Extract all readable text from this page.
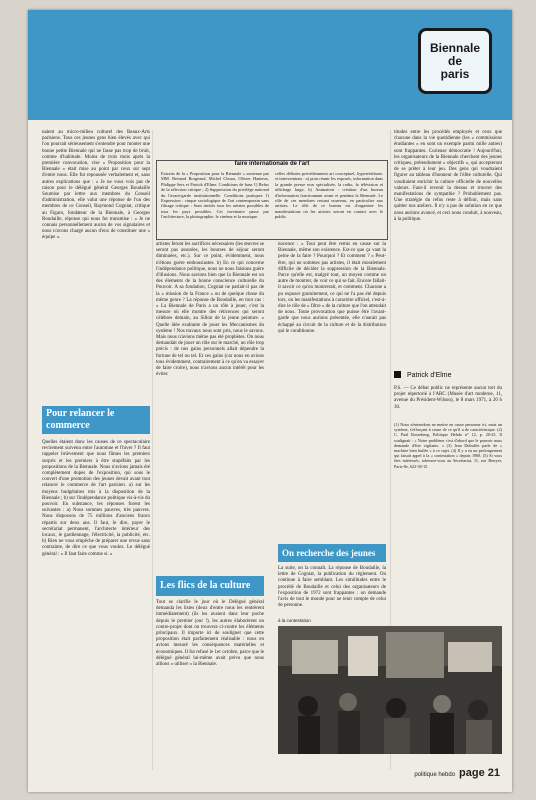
Biennale
de
paris
naient au micro-milieu culturel des Beaux-Arts parisiens. Tous ces jeunes gens bien élevés avec qui l'on pourrait sérieusement s'entendre pour monter une bonne petite Biennale qui ne fasse pas trop de bruit, comme d'habitude. Moins de trois mois après la première convocation, vise « Proposition pour la Biennale » était mise au point par ceux sur sept d'entre nous. Elle fut repoussée verbalement et, sans autres explications que : « Je ne vous vois pas de raison pour le délégué général Georges Boudaille Soumise par lettre aux membres du Conseil d'administration, elle valut une réponse de l'un des membres de ce Conseil, Raymond Cogniat, critique au Figaro, fondateur de la Biennale, à Georges Boudaille, réponse qui nous fut transmise : « Je ne connais personnellement aucun de vos signataires et nous n'avons chargé aucun d'eux de constituer une « équipe ».
Pour relancer le commerce
Quelles étaient donc les causes de ce spectaculaire revirement survenu entre l'automne et l'hiver ? Il faut rappeler brièvement que nous fûmes les premiers surpris et les premiers à être stupéfaits par les propositions de la Biennale. Nous n'avions jamais été complètement dupes de l'exposition, qui sous le couvert d'une promotion des jeunes devait avant tout relancer le commerce de l'art parisien. a) sur les moyens budgétaires mis à la disposition de la Biennale ; b) sur l'indépendance politique vis-à-vis du pouvoir. En substance, les réponses furent les suivantes : a) Nous sommes pauvres, très pauvres. Nous disposons de 75 millions d'anciens francs répartis sur deux ans. Il faut, le dire, payer le secrétariat permanent, l'architecte intérieur des locaux, le gardiennage, l'électricité, la publicité, etc. b) Rien ne vous empêche de préparer une revue sans contrainte, de dire ce que vous voulez. Le délégué général : « Il faut faire comme si. »
faire internationale de l'art
Extraits de la « Proposition pour la Biennale » soutenue par MM. Bernard Borgeaud, Michel Claura, Olivier Hanteux, Philippe Sers et Patrick d'Elme. Conditions de base 1) Refus de la sélection critique ; 2) Suppression du privilège national du l'avant-garde institutionnelle. Conditions pratiques 1) Expression : cinque sociologique de l'art contemporain sans filtrage critique : Sont invités tous les artistes possibles de tous les pays possibles. Cet inventaire passe par l'architecture, la photographie, le cinéma et la musique.
celles définies précédemment art conceptuel, hyperréalisme, et interventions : a) pour réunir les exposés, information dans la grande presse non spécialisée, la radio, la télévision et affichage large. b) Animation : création d'un bureau d'information fonctionnant avant et pendant la Biennale. Le rôle de ces membres restant nouveau, en particulier aux artistes. Le rôle de ce bureau est d'organiser les manifestations où les artistes seront en contact avec le public.
artistes feront les sacrifices nécessaires (les œuvres se seront pas assurées, les bourses de séjour seront diminuées, etc.). Sur ce point, évidemment, nous n'étions guère enthousiastes. b) En ce qui concerne l'indépendance politique, nous ne nous faisions guère d'illusions. Nous savions bien que la Biennale est un des éléments de la bonne conscience culturelle du Pouvoir. A sa fondation, Cogniat ne parlait-il pas de la « mission de la France » ou de quelque chose du même genre ? La réponse de Boudaille, en tout cas : « La Biennale de Paris a un rôle à jouer, c'est la mesure où elle montre des réticences qui seront célèbres demain, au Sillon de la jeune peinture. » Quelle idée exaltante de jouer les Meccanismes du système ! Nos travaux nous sont pris, nous le savons. Mais nous n'avions même pas été prophètes. On nous demandait de jouer un rôle sur le marché, un rôle trop précis : de nos gains personnels allait dépendre la fortune de tel ou tel. Et ces gains (car nous en avions tous évidemment, contrairement à ce qu'on va essayer de faire croire), nous n'avions aucun intérêt pour les éviter.
nocence : « Tout peut être remis en cause sur la Biennale, même son existence. Est-ce que ça vaut la peine de la faire ? Pourquoi ? Et comment ? » Peut-être, qui ne sommes pas artistes, il était moralement difficile de décider la suppression de la Biennale. Parce qu'elle est, malgré tout, un moyen comme un autre de montrer, de voir ce qui se fait. Encore fallait-il savoir ce qu'on montrerait, et comment. Chacune a pu exposer gratuitement, ce qui ne l'a pas été depuis lors, ou les manifestations à caractère officiel, c'est-à-dire le rôle de « filtre » de la culture que l'on attendait de nous. Toute provocation que puisse être l'avant-garde que nous aurions présentée, elle n'aurait pas échappé au circuit de la culture et de la distribution qui le conditionne.
titudes entre les procédés employés et ceux que chacune dans la vie quotidienne (les « commissions étudiantes » en sont un exemple parmi mille autres) sont frappantes. Curieuse démocratie ! Aujourd'hui, les organisateurs de la Biennale cherchent des jeunes critiques, prétendument « objectifs », qui accepteront de se prêter à leur jeu. Des gens qui voudraient figurer au tableau d'honneur de l'élite culturelle. Qui voudraient enrichir la culture officielle de nouvelles valeurs. Faut-il revenir la dessus et trouver des manifestations de sympathie ? Probablement pas. Une stratégie du refus reste à définir, mais sans quitter nos ateliers. Il n'y a pas de solution en ce que nous aurions avancé, et ceci nous conduit, à nouveau, à la politique.
Patrick d'Elme
P.S. — Ce débat public ne représente aucun tort du projet répertorié à l'ARC (Musée d'art moderne, 11, avenue du Président-Wilson), le 8 mars 1971, à 20 h 30.
(1) Nous n'entendons ne mettre en cause personne ici, mais un système, s'efforçant à cause de ce qu'il a de caractéristique. (2) C. Paul Rosenberg, Politique Hebdo n° 12, p. 20-25. Il soulignait : « Notre problème c'est d'abord que le pouvoir nous demande d'être vigilants. » (3) Jean Dubuffet parle de « machine bien huilée » à ce sujet. (4) Il y a eu un prolongement qui faisait appel à la « contestation » depuis 1968. (5) Si vous êtes intéressés, adressez-vous au Secrétariat, 11, rue Berryer, Paris-8e, 622-30-15.
Les flics de la culture
Tout se clarifie le jour où le Délégué général demanda les listes (deux d'entre nous les rentrèrent immédiatement) (ils les avaient dans leur poche depuis le premier jour !), les autres élaborèrent un contre-projet dont on trouvera ci-contre les éléments principaux. Il importe ici de souligner que cette proposition était parfaitement réalisable : nous en avions mesuré les conséquences matérielles et économiques. Il fut refusé le 1er octobre, parce que le délégué général lui-même avait prévu que nous allions « utiliser » la Biennale.
On recherche des jeunes
La suite, on la connaît. La réponse de Boudaille, la lettre de Cogniat, la publication du règlement. On continue à faire semblant. Les similitudes entre le procédé de Boudaille et celui des organisateurs de l'exposition de 1972 sont frappantes : on demande l'avis de tout le monde pour ne tenir compte de celui de personne.
à la contestation
politique hebdo page 21
